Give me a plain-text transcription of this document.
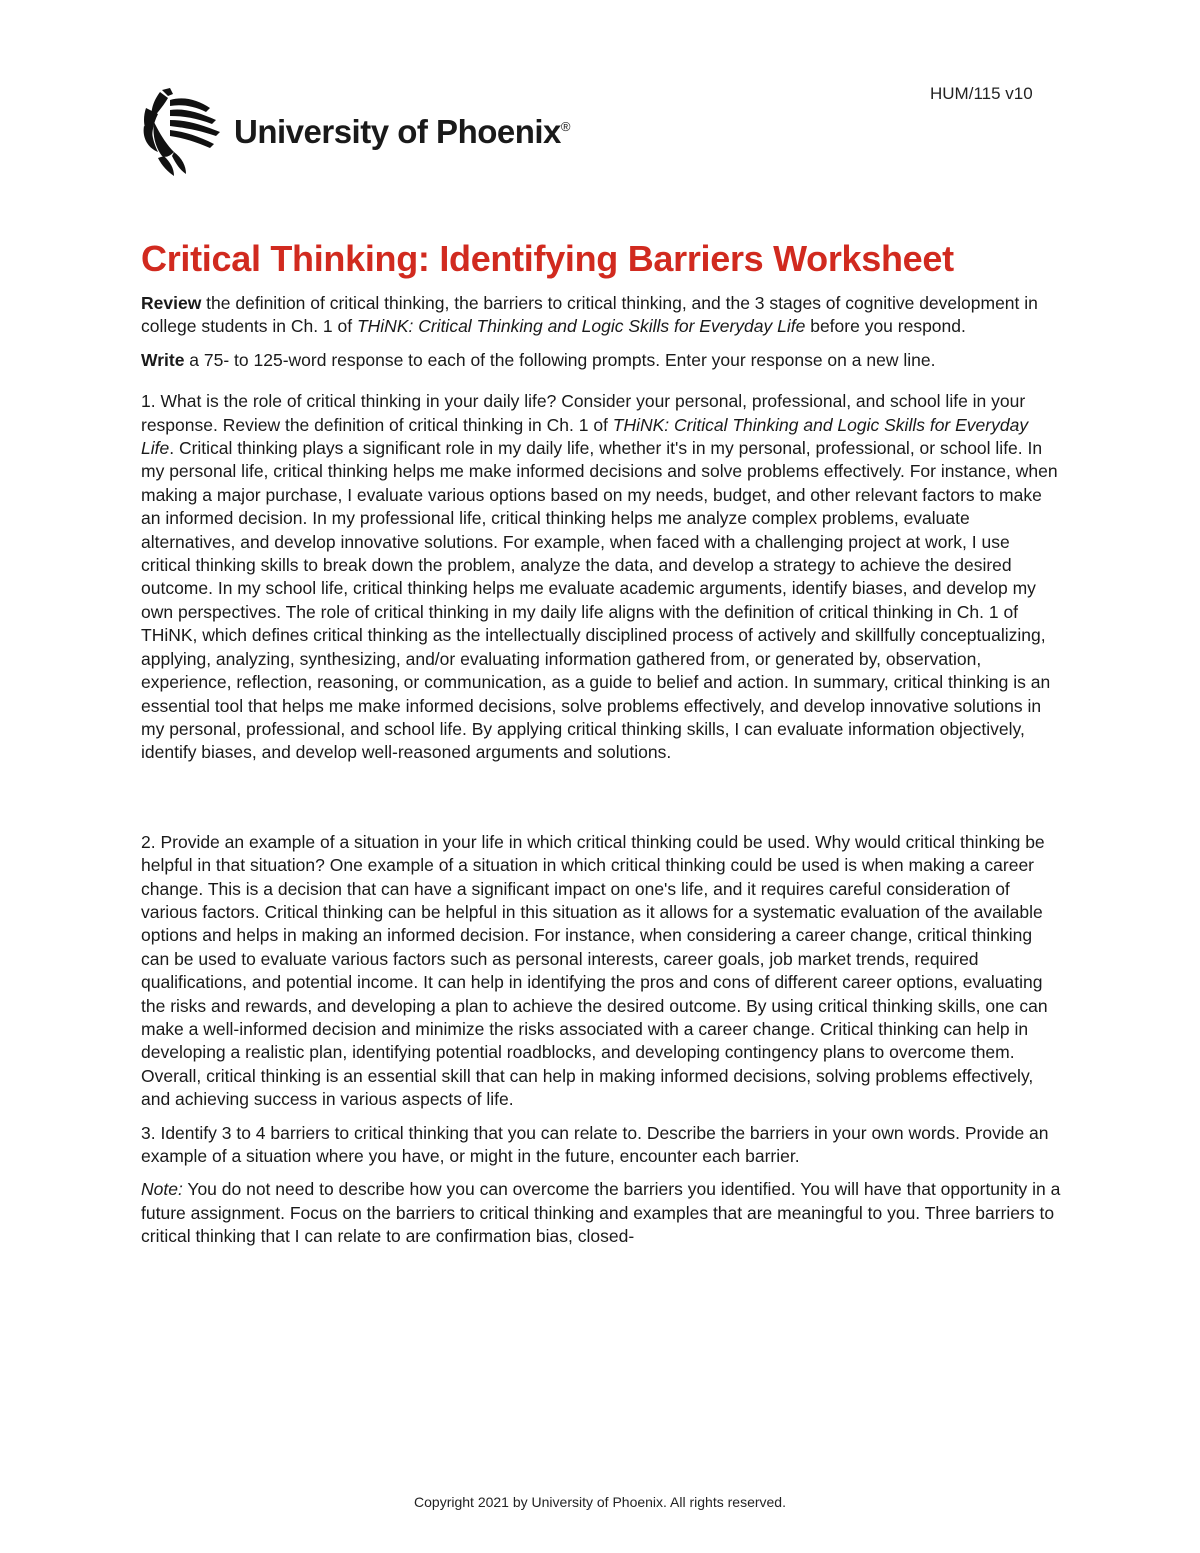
HUM/115 v10
University of Phoenix®
Critical Thinking: Identifying Barriers Worksheet

Review the definition of critical thinking, the barriers to critical thinking, and the 3 stages of cognitive development in college students in Ch. 1 of THiNK: Critical Thinking and Logic Skills for Everyday Life before you respond.

Write a 75- to 125-word response to each of the following prompts. Enter your response on a new line.

1. What is the role of critical thinking in your daily life? Consider your personal, professional, and school life in your response. Review the definition of critical thinking in Ch. 1 of THiNK: Critical Thinking and Logic Skills for Everyday Life. Critical thinking plays a significant role in my daily life, whether it's in my personal, professional, or school life. In my personal life, critical thinking helps me make informed decisions and solve problems effectively. For instance, when making a major purchase, I evaluate various options based on my needs, budget, and other relevant factors to make an informed decision. In my professional life, critical thinking helps me analyze complex problems, evaluate alternatives, and develop innovative solutions. For example, when faced with a challenging project at work, I use critical thinking skills to break down the problem, analyze the data, and develop a strategy to achieve the desired outcome. In my school life, critical thinking helps me evaluate academic arguments, identify biases, and develop my own perspectives. The role of critical thinking in my daily life aligns with the definition of critical thinking in Ch. 1 of THiNK, which defines critical thinking as the intellectually disciplined process of actively and skillfully conceptualizing, applying, analyzing, synthesizing, and/or evaluating information gathered from, or generated by, observation, experience, reflection, reasoning, or communication, as a guide to belief and action. In summary, critical thinking is an essential tool that helps me make informed decisions, solve problems effectively, and develop innovative solutions in my personal, professional, and school life. By applying critical thinking skills, I can evaluate information objectively, identify biases, and develop well-reasoned arguments and solutions.

2. Provide an example of a situation in your life in which critical thinking could be used. Why would critical thinking be helpful in that situation? One example of a situation in which critical thinking could be used is when making a career change. This is a decision that can have a significant impact on one's life, and it requires careful consideration of various factors. Critical thinking can be helpful in this situation as it allows for a systematic evaluation of the available options and helps in making an informed decision. For instance, when considering a career change, critical thinking can be used to evaluate various factors such as personal interests, career goals, job market trends, required qualifications, and potential income. It can help in identifying the pros and cons of different career options, evaluating the risks and rewards, and developing a plan to achieve the desired outcome. By using critical thinking skills, one can make a well-informed decision and minimize the risks associated with a career change. Critical thinking can help in developing a realistic plan, identifying potential roadblocks, and developing contingency plans to overcome them. Overall, critical thinking is an essential skill that can help in making informed decisions, solving problems effectively, and achieving success in various aspects of life.

3. Identify 3 to 4 barriers to critical thinking that you can relate to. Describe the barriers in your own words. Provide an example of a situation where you have, or might in the future, encounter each barrier.

Note: You do not need to describe how you can overcome the barriers you identified. You will have that opportunity in a future assignment. Focus on the barriers to critical thinking and examples that are meaningful to you. Three barriers to critical thinking that I can relate to are confirmation bias, closed-

Copyright 2021 by University of Phoenix. All rights reserved.
